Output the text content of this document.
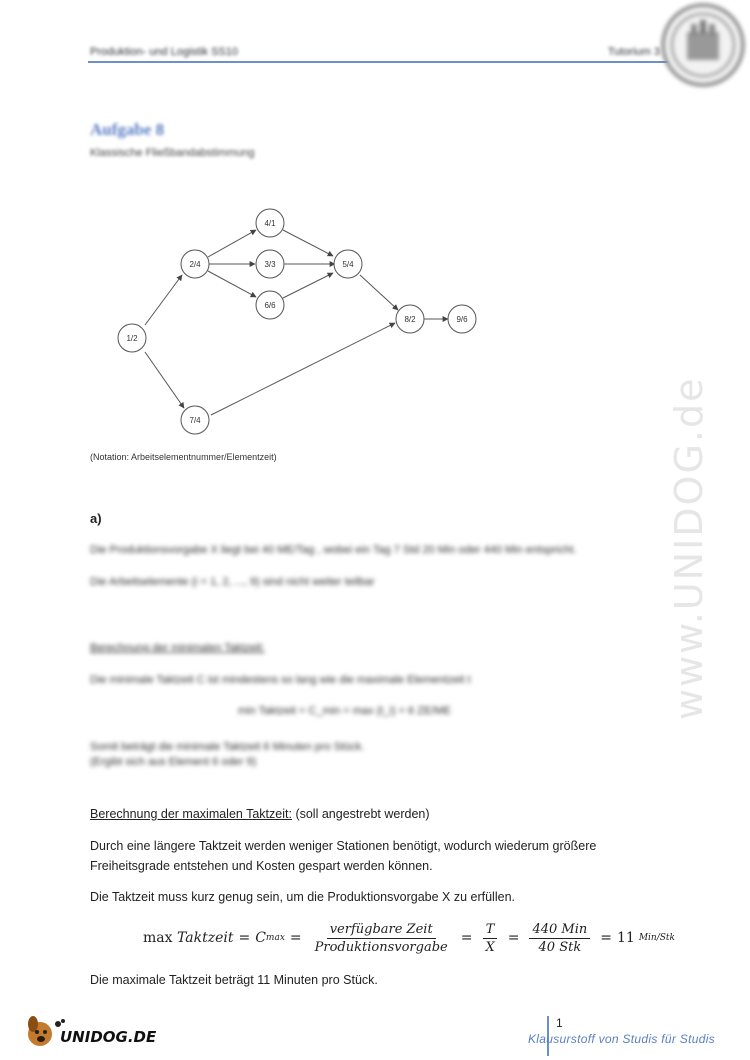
Produktion- und Logistik SS10	Tutorium 3
www.UNIDOG.de
Aufgabe 8
Klassische Fließbandabstimmung
1/2
2/4
4/1
3/3
6/6
5/4
7/4
8/2	9/6
(Notation: Arbeitselementnummer/Elementzeit)
a)
Die Produktionsvorgabe X liegt bei 40 ME/Tag , wobei ein Tag 7 Std 20 Min oder 440 Min entspricht.
Die Arbeitselemente (i = 1, 2, ..., 9) sind nicht weiter teilbar
Berechnung der minimalen Taktzeit:
Die minimale Taktzeit C ist mindestens so lang wie die maximale Elementzeit t
min Taktzeit = C_min = max (t_i) = 6 ZE/ME
Somit beträgt die minimale Taktzeit 6 Minuten pro Stück.
(Ergibt sich aus Element 6 oder 9)
Berechnung der maximalen Taktzeit: (soll angestrebt werden)
Durch eine längere Taktzeit werden weniger Stationen benötigt, wodurch wiederum größere Freiheitsgrade entstehen und Kosten gespart werden können.
Die Taktzeit muss kurz genug sein, um die Produktionsvorgabe X zu erfüllen.
max
Taktzeit = C $\max = \frac{\text{verfügbare Zeit}}{\text{Produktionsvorgabe}} = \frac{T}{X} = \frac{\text{440 Min}}{\text{40 Stk}} = 11$ Min/Stk
Die maximale Taktzeit beträgt 11 Minuten pro Stück.
UNIDOG.DE
1
Klausurstoff von Studis für Studis
